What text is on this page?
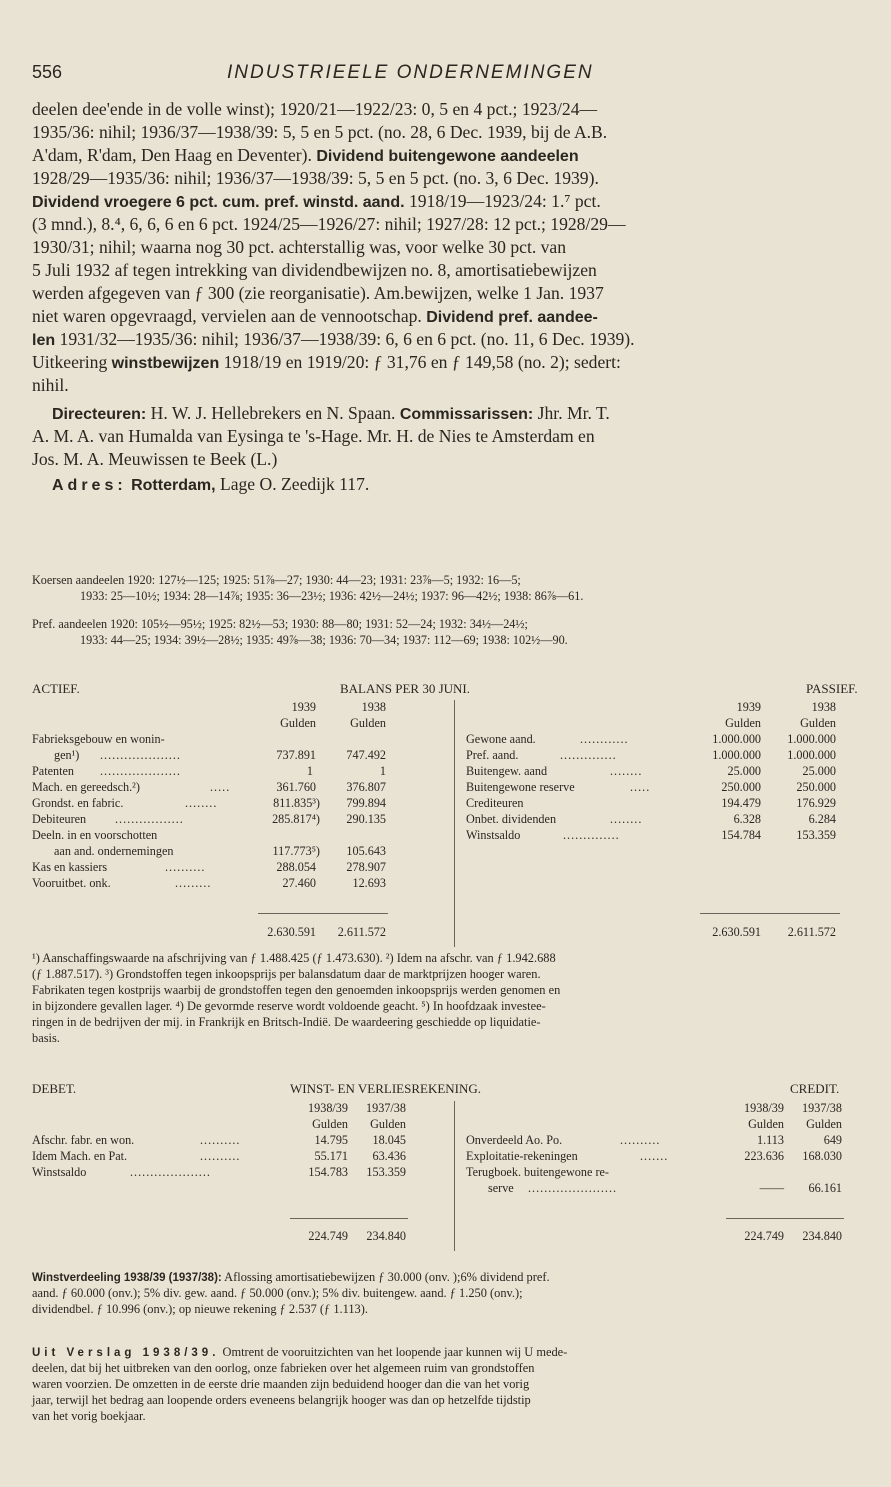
556	INDUSTRIEELE ONDERNEMINGEN
deelen dee'ende in de volle winst); 1920/21—1922/23: 0, 5 en 4 pct.; 1923/24—
1935/36: nihil; 1936/37—1938/39: 5, 5 en 5 pct. (no. 28, 6 Dec. 1939, bij de A.B.
A'dam, R'dam, Den Haag en Deventer). Dividend buitengewone aandeelen
1928/29—1935/36: nihil; 1936/37—1938/39: 5, 5 en 5 pct. (no. 3, 6 Dec. 1939).
Dividend vroegere 6 pct. cum. pref. winstd. aand. 1918/19—1923/24: 1.⁷ pct.
(3 mnd.), 8.⁴, 6, 6, 6 en 6 pct. 1924/25—1926/27: nihil; 1927/28: 12 pct.; 1928/29—
1930/31; nihil; waarna nog 30 pct. achterstallig was, voor welke 30 pct. van
5 Juli 1932 af tegen intrekking van dividendbewijzen no. 8, amortisatiebewijzen
werden afgegeven van ƒ 300 (zie reorganisatie). Am.bewijzen, welke 1 Jan. 1937
niet waren opgevraagd, vervielen aan de vennootschap. Dividend pref. aandee-
len 1931/32—1935/36: nihil; 1936/37—1938/39: 6, 6 en 6 pct. (no. 11, 6 Dec. 1939).
Uitkeering winstbewijzen 1918/19 en 1919/20: ƒ 31,76 en ƒ 149,58 (no. 2); sedert:
nihil.
Directeuren: H. W. J. Hellebrekers en N. Spaan. Commissarissen: Jhr. Mr. T.
A. M. A. van Humalda van Eysinga te 's-Hage. Mr. H. de Nies te Amsterdam en
Jos. M. A. Meuwissen te Beek (L.)
Adres: Rotterdam, Lage O. Zeedijk 117.
Koersen aandeelen 1920: 127½—125; 1925: 51⅞—27; 1930: 44—23; 1931: 23⅞—5; 1932: 16—5;
1933: 25—10½; 1934: 28—14⅞; 1935: 36—23½; 1936: 42½—24½; 1937: 96—42½; 1938: 86⅞—61.
Pref. aandeelen 1920: 105½—95½; 1925: 82½—53; 1930: 88—80; 1931: 52—24; 1932: 34½—24½;
1933: 44—25; 1934: 39½—28½; 1935: 49⅞—38; 1936: 70—34; 1937: 112—69; 1938: 102½—90.
ACTIEF.	BALANS PER 30 JUNI.	PASSIEF.
1939	1938	1939	1938
Gulden	Gulden	Gulden	Gulden
Fabrieksgebouw en wonin-
gen¹) ....................	737.891	747.492
Patenten ....................	1	1
Mach. en gereedsch.²)	.....	361.760	376.807
Grondst. en fabric.	........	811.835³)	799.894
Debiteuren .................	285.817⁴)	290.135
Deeln. in en voorschotten
aan and. ondernemingen	117.773⁵)	105.643
Kas en kassiers	..........	288.054	278.907
Vooruitbet. onk.	.........	27.460	12.693
Gewone aand.	............	1.000.000	1.000.000
Pref. aand.	..............	1.000.000	1.000.000
Buitengew. aand	........	25.000	25.000
Buitengewone reserve	.....	250.000	250.000
Crediteuren	194.479	176.929
Onbet. dividenden	........	6.328	6.284
Winstsaldo	..............	154.784	153.359
2.630.591	2.611.572	2.630.591	2.611.572
¹) Aanschaffingswaarde na afschrijving van ƒ 1.488.425 (ƒ 1.473.630). ²) Idem na afschr. van ƒ 1.942.688
(ƒ 1.887.517). ³) Grondstoffen tegen inkoopsprijs per balansdatum daar de marktprijzen hooger waren.
Fabrikaten tegen kostprijs waarbij de grondstoffen tegen den genoemden inkoopsprijs werden genomen en
in bijzondere gevallen lager. ⁴) De gevormde reserve wordt voldoende geacht. ⁵) In hoofdzaak investee-
ringen in de bedrijven der mij. in Frankrijk en Britsch-Indië. De waardeering geschiedde op liquidatie-
basis.
DEBET.	WINST- EN VERLIESREKENING.	CREDIT.
1938/39	1937/38	1938/39	1937/38
Gulden	Gulden	Gulden	Gulden
Afschr. fabr. en won.	..........	14.795	18.045
Idem Mach. en Pat.	..........	55.171	63.436
Winstsaldo	....................	154.783	153.359
Onverdeeld Ao. Po.	..........	1.113	649
Exploitatie-rekeningen	.......	223.636	168.030
Terugboek. buitengewone re-
serve ......................	——	66.161
224.749	234.840	224.749	234.840
Winstverdeeling 1938/39 (1937/38): Aflossing amortisatiebewijzen ƒ 30.000 (onv. );6% dividend pref.
aand. ƒ 60.000 (onv.); 5% div. gew. aand. ƒ 50.000 (onv.); 5% div. buitengew. aand. ƒ 1.250 (onv.);
dividendbel. ƒ 10.996 (onv.); op nieuwe rekening ƒ 2.537 (ƒ 1.113).
Uit Verslag 1938/39. Omtrent de vooruitzichten van het loopende jaar kunnen wij U mede-
deelen, dat bij het uitbreken van den oorlog, onze fabrieken over het algemeen ruim van grondstoffen
waren voorzien. De omzetten in de eerste drie maanden zijn beduidend hooger dan die van het vorig
jaar, terwijl het bedrag aan loopende orders eveneens belangrijk hooger was dan op hetzelfde tijdstip
van het vorig boekjaar.
